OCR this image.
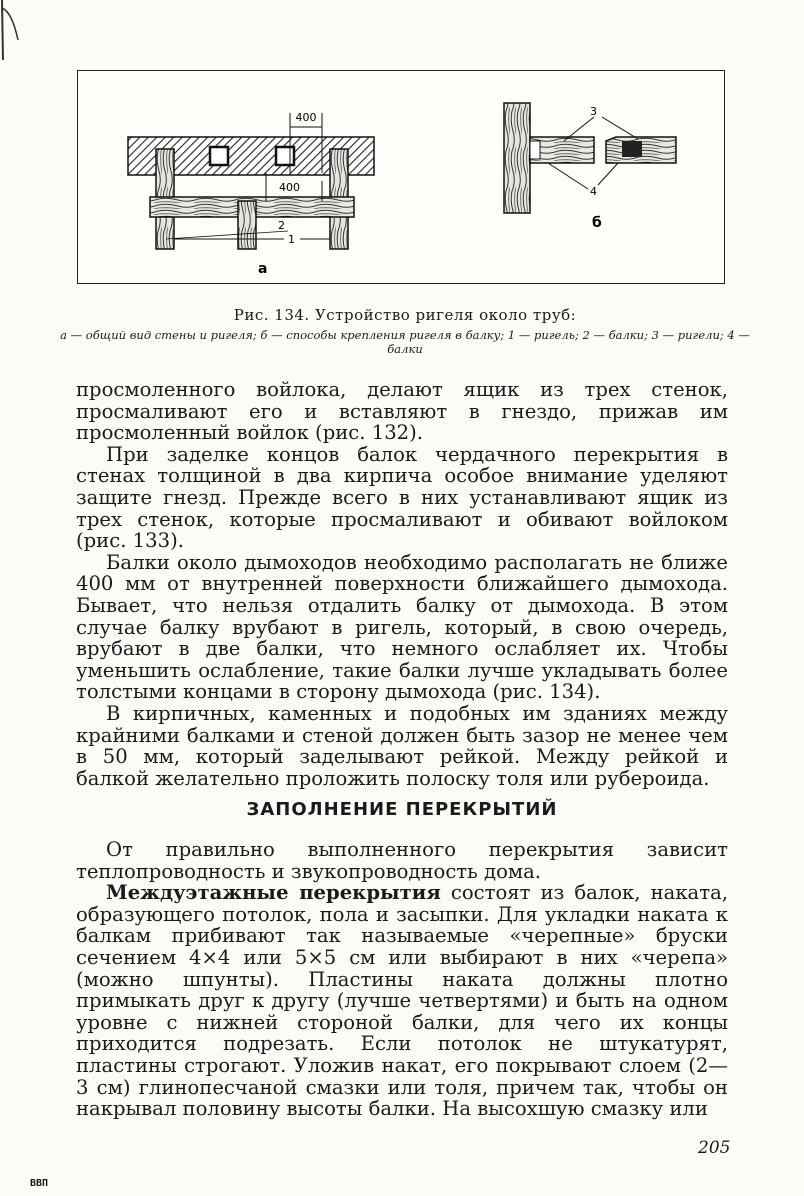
400
400
1
2
а
3
4
б
Рис. 134. Устройство ригеля около труб:
а — общий вид стены и ригеля; б — способы крепления ригеля в балку; 1 — ригель; 2 — балки; 3 — ригели; 4 — балки

просмоленного войлока, делают ящик из трех стенок, просмаливают его и вставляют в гнездо, прижав им просмоленный войлок (рис. 132).

При заделке концов балок чердачного перекрытия в стенах толщиной в два кирпича особое внимание уделяют защите гнезд. Прежде всего в них устанавливают ящик из трех стенок, которые просмаливают и обивают войлоком (рис. 133).

Балки около дымоходов необходимо располагать не ближе 400 мм от внутренней поверхности ближайшего дымохода. Бывает, что нельзя отдалить балку от дымохода. В этом случае балку врубают в ригель, который, в свою очередь, врубают в две балки, что немного ослабляет их. Чтобы уменьшить ослабление, такие балки лучше укладывать более толстыми концами в сторону дымохода (рис. 134).

В кирпичных, каменных и подобных им зданиях между крайними балками и стеной должен быть зазор не менее чем в 50 мм, который заделывают рейкой. Между рейкой и балкой желательно проложить полоску толя или рубероида.

ЗАПОЛНЕНИЕ ПЕРЕКРЫТИЙ

От правильно выполненного перекрытия зависит теплопроводность и звукопроводность дома.

Междуэтажные перекрытия состоят из балок, наката, образующего потолок, пола и засыпки. Для укладки наката к балкам прибивают так называемые «черепные» бруски сечением 4×4 или 5×5 см или выбирают в них «черепа» (можно шпунты). Пластины наката должны плотно примыкать друг к другу (лучше четвертями) и быть на одном уровне с нижней стороной балки, для чего их концы приходится подрезать. Если потолок не штукатурят, пластины строгают. Уложив накат, его покрывают слоем (2—3 см) глинопесчаной смазки или толя, причем так, чтобы он накрывал половину высоты балки. На высохшую смазку или

205
ВВП
